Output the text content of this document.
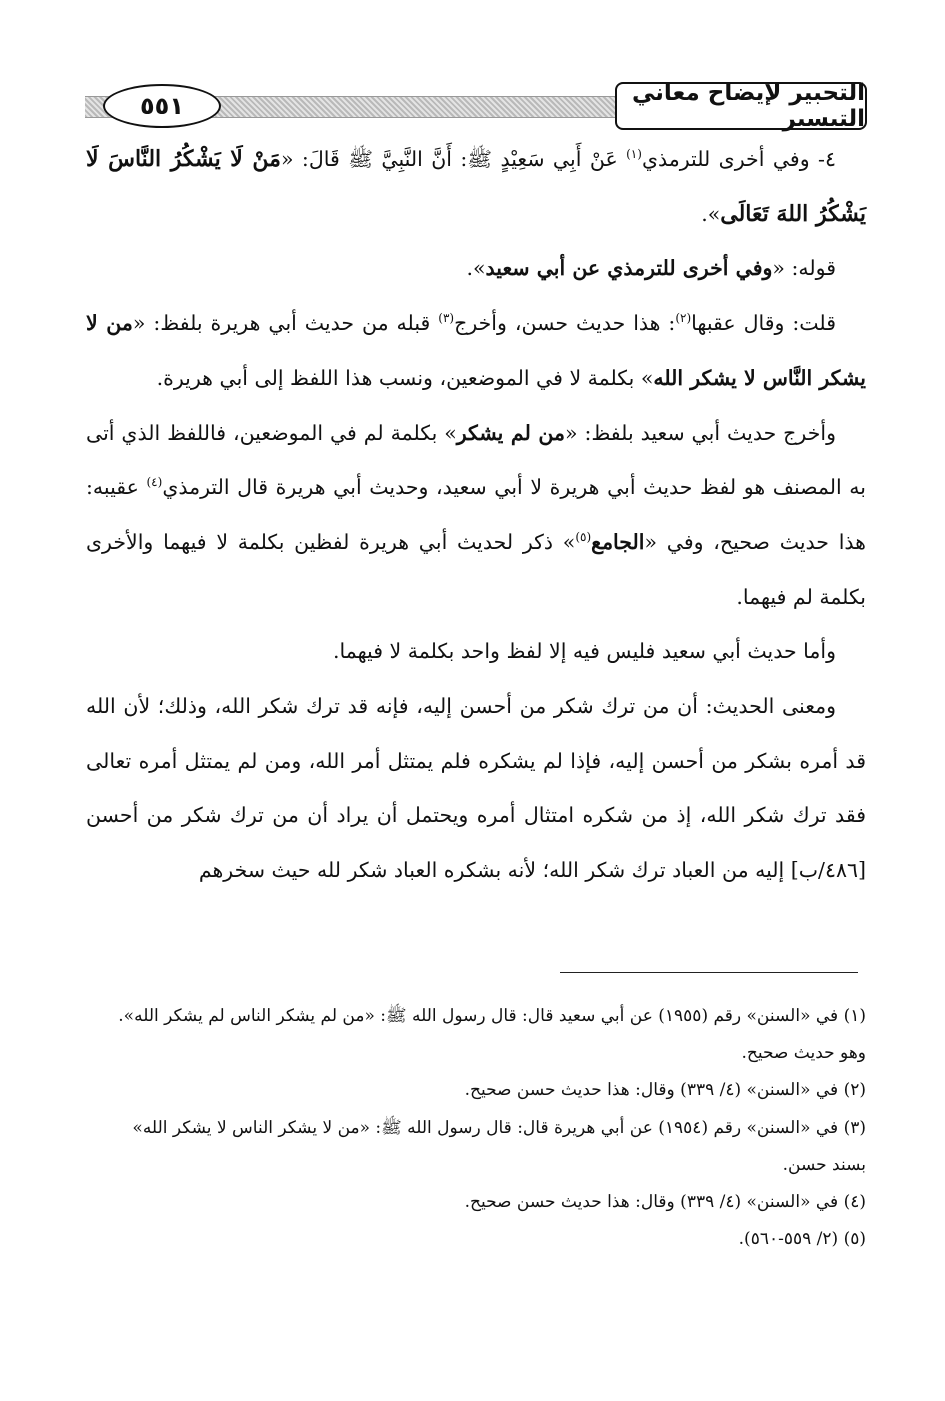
التحبير لإيضاح معاني التيسير
٥٥١

٤- وفي أخرى للترمذي$^{(١)}$ عَنْ أَبِي سَعِيْدٍ ﷺ: أَنَّ النَّبِيَّ ﷺ قَالَ: «مَنْ لَا يَشْكُرُ النَّاسَ لَا يَشْكُرُ اللهَ تَعَالَى».

قوله: «وفي أخرى للترمذي عن أبي سعيد».

قلت: وقال عقبها$^{(٢)}$: هذا حديث حسن، وأخرج$^{(٣)}$ قبله من حديث أبي هريرة بلفظ: «من لا يشكر النَّاس لا يشكر الله» بكلمة لا في الموضعين، ونسب هذا اللفظ إلى أبي هريرة.

وأخرج حديث أبي سعيد بلفظ: «من لم يشكر» بكلمة لم في الموضعين، فاللفظ الذي أتى به المصنف هو لفظ حديث أبي هريرة لا أبي سعيد، وحديث أبي هريرة قال الترمذي$^{(٤)}$ عقيبه: هذا حديث صحيح، وفي «الجامع$^{(٥)}$» ذكر لحديث أبي هريرة لفظين بكلمة لا فيهما والأخرى بكلمة لم فيهما.

وأما حديث أبي سعيد فليس فيه إلا لفظ واحد بكلمة لا فيهما.

ومعنى الحديث: أن من ترك شكر من أحسن إليه، فإنه قد ترك شكر الله، وذلك؛ لأن الله قد أمره بشكر من أحسن إليه، فإذا لم يشكره فلم يمتثل أمر الله، ومن لم يمتثل أمره تعالى فقد ترك شكر الله، إذ من شكره امتثال أمره ويحتمل أن يراد أن من ترك شكر من أحسن [٤٨٦/ب] إليه من العباد ترك شكر الله؛ لأنه بشكره العباد شكر لله حيث سخرهم

(١) في «السنن» رقم (١٩٥٥) عن أبي سعيد قال: قال رسول الله ﷺ: «من لم يشكر الناس لم يشكر الله».

وهو حديث صحيح.

(٢) في «السنن» (٤/ ٣٣٩) وقال: هذا حديث حسن صحيح.

(٣) في «السنن» رقم (١٩٥٤) عن أبي هريرة قال: قال رسول الله ﷺ: «من لا يشكر الناس لا يشكر الله»

بسند حسن.

(٤) في «السنن» (٤/ ٣٣٩) وقال: هذا حديث حسن صحيح.

(٥) (٢/ ٥٥٩-٥٦٠).
